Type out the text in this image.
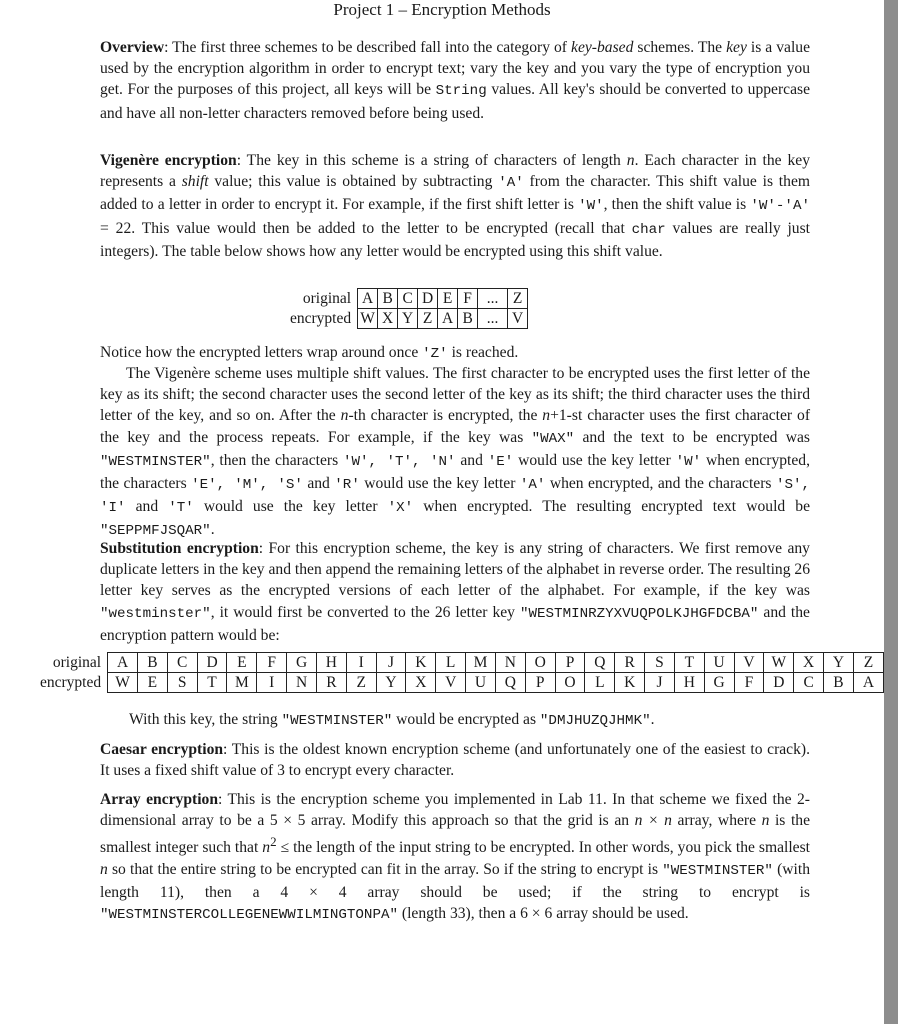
Project 1 – Encryption Methods

Overview: The first three schemes to be described fall into the category of key-based schemes. The key is a value used by the encryption algorithm in order to encrypt text; vary the key and you vary the type of encryption you get. For the purposes of this project, all keys will be String values. All key's should be converted to uppercase and have all non-letter characters removed before being used.

Vigenère encryption: The key in this scheme is a string of characters of length n. Each character in the key represents a shift value; this value is obtained by subtracting 'A' from the character. This shift value is them added to a letter in order to encrypt it. For example, if the first shift letter is 'W', then the shift value is 'W'-'A' = 22. This value would then be added to the letter to be encrypted (recall that char values are really just integers). The table below shows how any letter would be encrypted using this shift value.

original	A	B	C	D	E	F	...	Z
encrypted	W	X	Y	Z	A	B	...	V

Notice how the encrypted letters wrap around once 'Z' is reached.

The Vigenère scheme uses multiple shift values. The first character to be encrypted uses the first letter of the key as its shift; the second character uses the second letter of the key as its shift; the third character uses the third letter of the key, and so on. After the n-th character is encrypted, the n+1-st character uses the first character of the key and the process repeats. For example, if the key was "WAX" and the text to be encrypted was "WESTMINSTER", then the characters 'W', 'T', 'N' and 'E' would use the key letter 'W' when encrypted, the characters 'E', 'M', 'S' and 'R' would use the key letter 'A' when encrypted, and the characters 'S', 'I' and 'T' would use the key letter 'X' when encrypted. The resulting encrypted text would be "SEPPMFJSQAR".

Substitution encryption: For this encryption scheme, the key is any string of characters. We first remove any duplicate letters in the key and then append the remaining letters of the alphabet in reverse order. The resulting 26 letter key serves as the encrypted versions of each letter of the alphabet. For example, if the key was "westminster", it would first be converted to the 26 letter key "WESTMINRZYXVUQPOLKJHGFDCBA" and the encryption pattern would be:

original	A	B	C	D	E	F	G	H	I	J	K	L	M	N	O	P	Q	R	S	T	U	V	W	X	Y	Z
encrypted	W	E	S	T	M	I	N	R	Z	Y	X	V	U	Q	P	O	L	K	J	H	G	F	D	C	B	A

With this key, the string "WESTMINSTER" would be encrypted as "DMJHUZQJHMK".

Caesar encryption: This is the oldest known encryption scheme (and unfortunately one of the easiest to crack). It uses a fixed shift value of 3 to encrypt every character.

Array encryption: This is the encryption scheme you implemented in Lab 11. In that scheme we fixed the 2-dimensional array to be a 5 × 5 array. Modify this approach so that the grid is an n × n array, where n is the smallest integer such that $n^2$ ≤ the length of the input string to be encrypted. In other words, you pick the smallest n so that the entire string to be encrypted can fit in the array. So if the string to encrypt is "WESTMINSTER" (with length 11), then a 4 × 4 array should be used; if the string to encrypt is "WESTMINSTERCOLLEGENEWWILMINGTONPA" (length 33), then a 6 × 6 array should be used.
